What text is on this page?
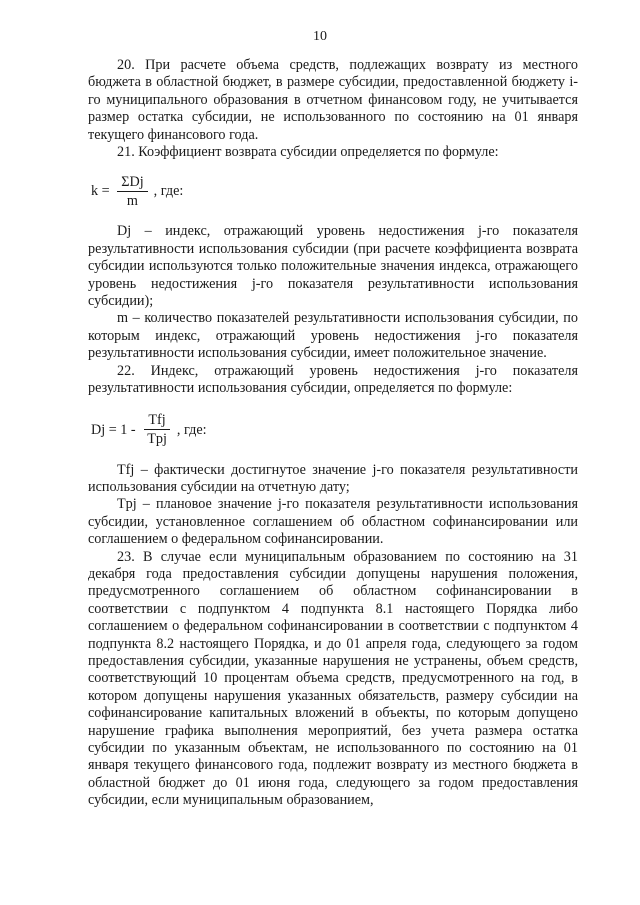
10

20. При расчете объема средств, подлежащих возврату из местного бюджета в областной бюджет, в размере субсидии, предоставленной бюджету i-го муниципального образования в отчетном финансовом году, не учитывается размер остатка субсидии, не использованного по состоянию на 01 января текущего финансового года.

21. Коэффициент возврата субсидии определяется по формуле:

$k = \frac{\text{ΣDj}}{m}$ , где:

Dj – индекс, отражающий уровень недостижения j-го показателя результативности использования субсидии (при расчете коэффициента возврата субсидии используются только положительные значения индекса, отражающего уровень недостижения j-го показателя результативности использования субсидии);

m – количество показателей результативности использования субсидии, по которым индекс, отражающий уровень недостижения j-го показателя результативности использования субсидии, имеет положительное значение.

22. Индекс, отражающий уровень недостижения j-го показателя результативности использования субсидии, определяется по формуле:

$Dj = 1 - \frac{\text{Tfj}}{\text{Tpj}}$ , где:

Tfj – фактически достигнутое значение j-го показателя результативности использования субсидии на отчетную дату;

Tpj – плановое значение j-го показателя результативности использования субсидии, установленное соглашением об областном софинансировании или соглашением о федеральном софинансировании.

23. В случае если муниципальным образованием по состоянию на 31 декабря года предоставления субсидии допущены нарушения положения, предусмотренного соглашением об областном софинансировании в соответствии с подпунктом 4 подпункта 8.1 настоящего Порядка либо соглашением о федеральном софинансировании в соответствии с подпунктом 4 подпункта 8.2 настоящего Порядка, и до 01 апреля года, следующего за годом предоставления субсидии, указанные нарушения не устранены, объем средств, соответствующий 10 процентам объема средств, предусмотренного на год, в котором допущены нарушения указанных обязательств, размеру субсидии на софинансирование капитальных вложений в объекты, по которым допущено нарушение графика выполнения мероприятий, без учета размера остатка субсидии по указанным объектам, не использованного по состоянию на 01 января текущего финансового года, подлежит возврату из местного бюджета в областной бюджет до 01 июня года, следующего за годом предоставления субсидии, если муниципальным образованием,
